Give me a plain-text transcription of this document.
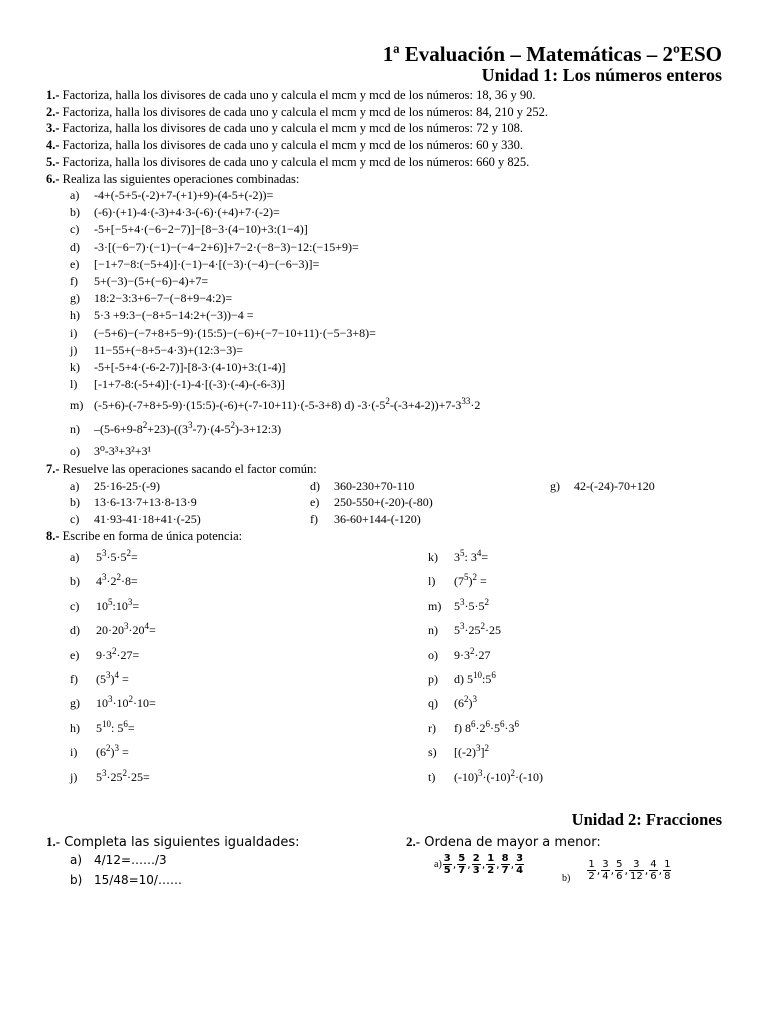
1ª Evaluación – Matemáticas – 2ºESO
Unidad 1: Los números enteros
1.- Factoriza, halla los divisores de cada uno y calcula el mcm y mcd de los números: 18, 36 y 90.
2.- Factoriza, halla los divisores de cada uno y calcula el mcm y mcd de los números: 84, 210 y 252.
3.- Factoriza, halla los divisores de cada uno y calcula el mcm y mcd de los números: 72 y 108.
4.- Factoriza, halla los divisores de cada uno y calcula el mcm y mcd de los números: 60 y 330.
5.- Factoriza, halla los divisores de cada uno y calcula el mcm y mcd de los números: 660 y 825.
6.- Realiza las siguientes operaciones combinadas:
a) -4+(-5+5-(-2)+7-(+1)+9)-(4-5+(-2))=
b) (-6)·(+1)-4·(-3)+4·3-(-6)·(+4)+7·(-2)=
c) -5+[−5+4·(−6−2−7)]−[8−3·(4−10)+3:(1−4)]
d) -3·[(−6−7)·(−1)−(−4−2+6)]+7−2·(−8−3)−12:(−15+9)=
e) [−1+7−8:(−5+4)]·(−1)−4·[(−3)·(−4)−(−6−3)]=
f) 5+(−3)−(5+(−6)−4)+7=
g) 18:2−3:3+6−7−(−8+9−4:2)=
h) 5·3 +9:3−(−8+5−14:2+(−3))−4 =
i) (−5+6)−(−7+8+5−9)·(15:5)−(−6)+(−7−10+11)·(−5−3+8)=
j) 11−55+(−8+5−4·3)+(12:3−3)=
k) -5+[-5+4·(-6-2-7)]-[8-3·(4-10)+3:(1-4)]
l) [-1+7-8:(-5+4)]·(-1)-4·[(-3)·(-4)-(-6-3)]
m) (-5+6)-(-7+8+5-9)·(15:5)-(-6)+(-7-10+11)·(-5-3+8) d) $-3\cdot(-5^2-(-3+4-2))+7-3^{33}\cdot 2$
n) $-(5-6+9-8^2+23)-((3^3-7)\cdot(4-5^2)-3+12:3)$
o) 3⁰-3³+3²+3¹
7.- Resuelve las operaciones sacando el factor común:
a) 25·16-25·(-9)
b) 13·6-13·7+13·8-13·9
c) 41·93-41·18+41·(-25)
d) 360-230+70-110
e) 250-550+(-20)-(-80)
f) 36-60+144-(-120)
g) 42-(-24)-70+120
8.- Escribe en forma de única potencia:
a) $5^3\cdot 5\cdot 5^2=$
b) $4^3\cdot 2^2\cdot 8=$
c) $10^5:10^3=$
d) $20\cdot 20^3\cdot 20^4=$
e) $9\cdot 3^2\cdot 27=$
f) $(5^3)^4$ =
g) $10^3\cdot 10^2\cdot 10=$
h) $5^{10}$: $5^6=$
i) $(6^2)^3$ =
j) $5^3\cdot 25^2\cdot 25=$
k) $3^5$: $3^4=$
l) $(7^5)^2$ =
m) $5^3\cdot 5\cdot 5^2$
n) $5^3\cdot 25^2\cdot 25$
o) $9\cdot 3^2\cdot 27$
p) d) $5^{10}:5^6$
q) $(6^2)^3$
r) f) $8^6\cdot 2^6\cdot 5^6\cdot 3^6$
s) $[(-2)^3]^2$
t) $(-10)^3\cdot(-10)^2\cdot(-10)$
Unidad 2: Fracciones
1.- Completa las siguientes igualdades:
a) 4/12=……/3
b) 15/48=10/……
2.- Ordena de mayor a menor:
$a) \frac{3}{5}$ , $\frac{5}{7}$ , $\frac{2}{3}$ , $\frac{1}{2}$ , $\frac{8}{7}$ , $\frac{3}{4}$
$b) \frac{1}{2}$ , $\frac{3}{4}$ , $\frac{5}{6}$ , $\frac{3}{12}$ , $\frac{4}{6}$ , $\frac{1}{8}$
